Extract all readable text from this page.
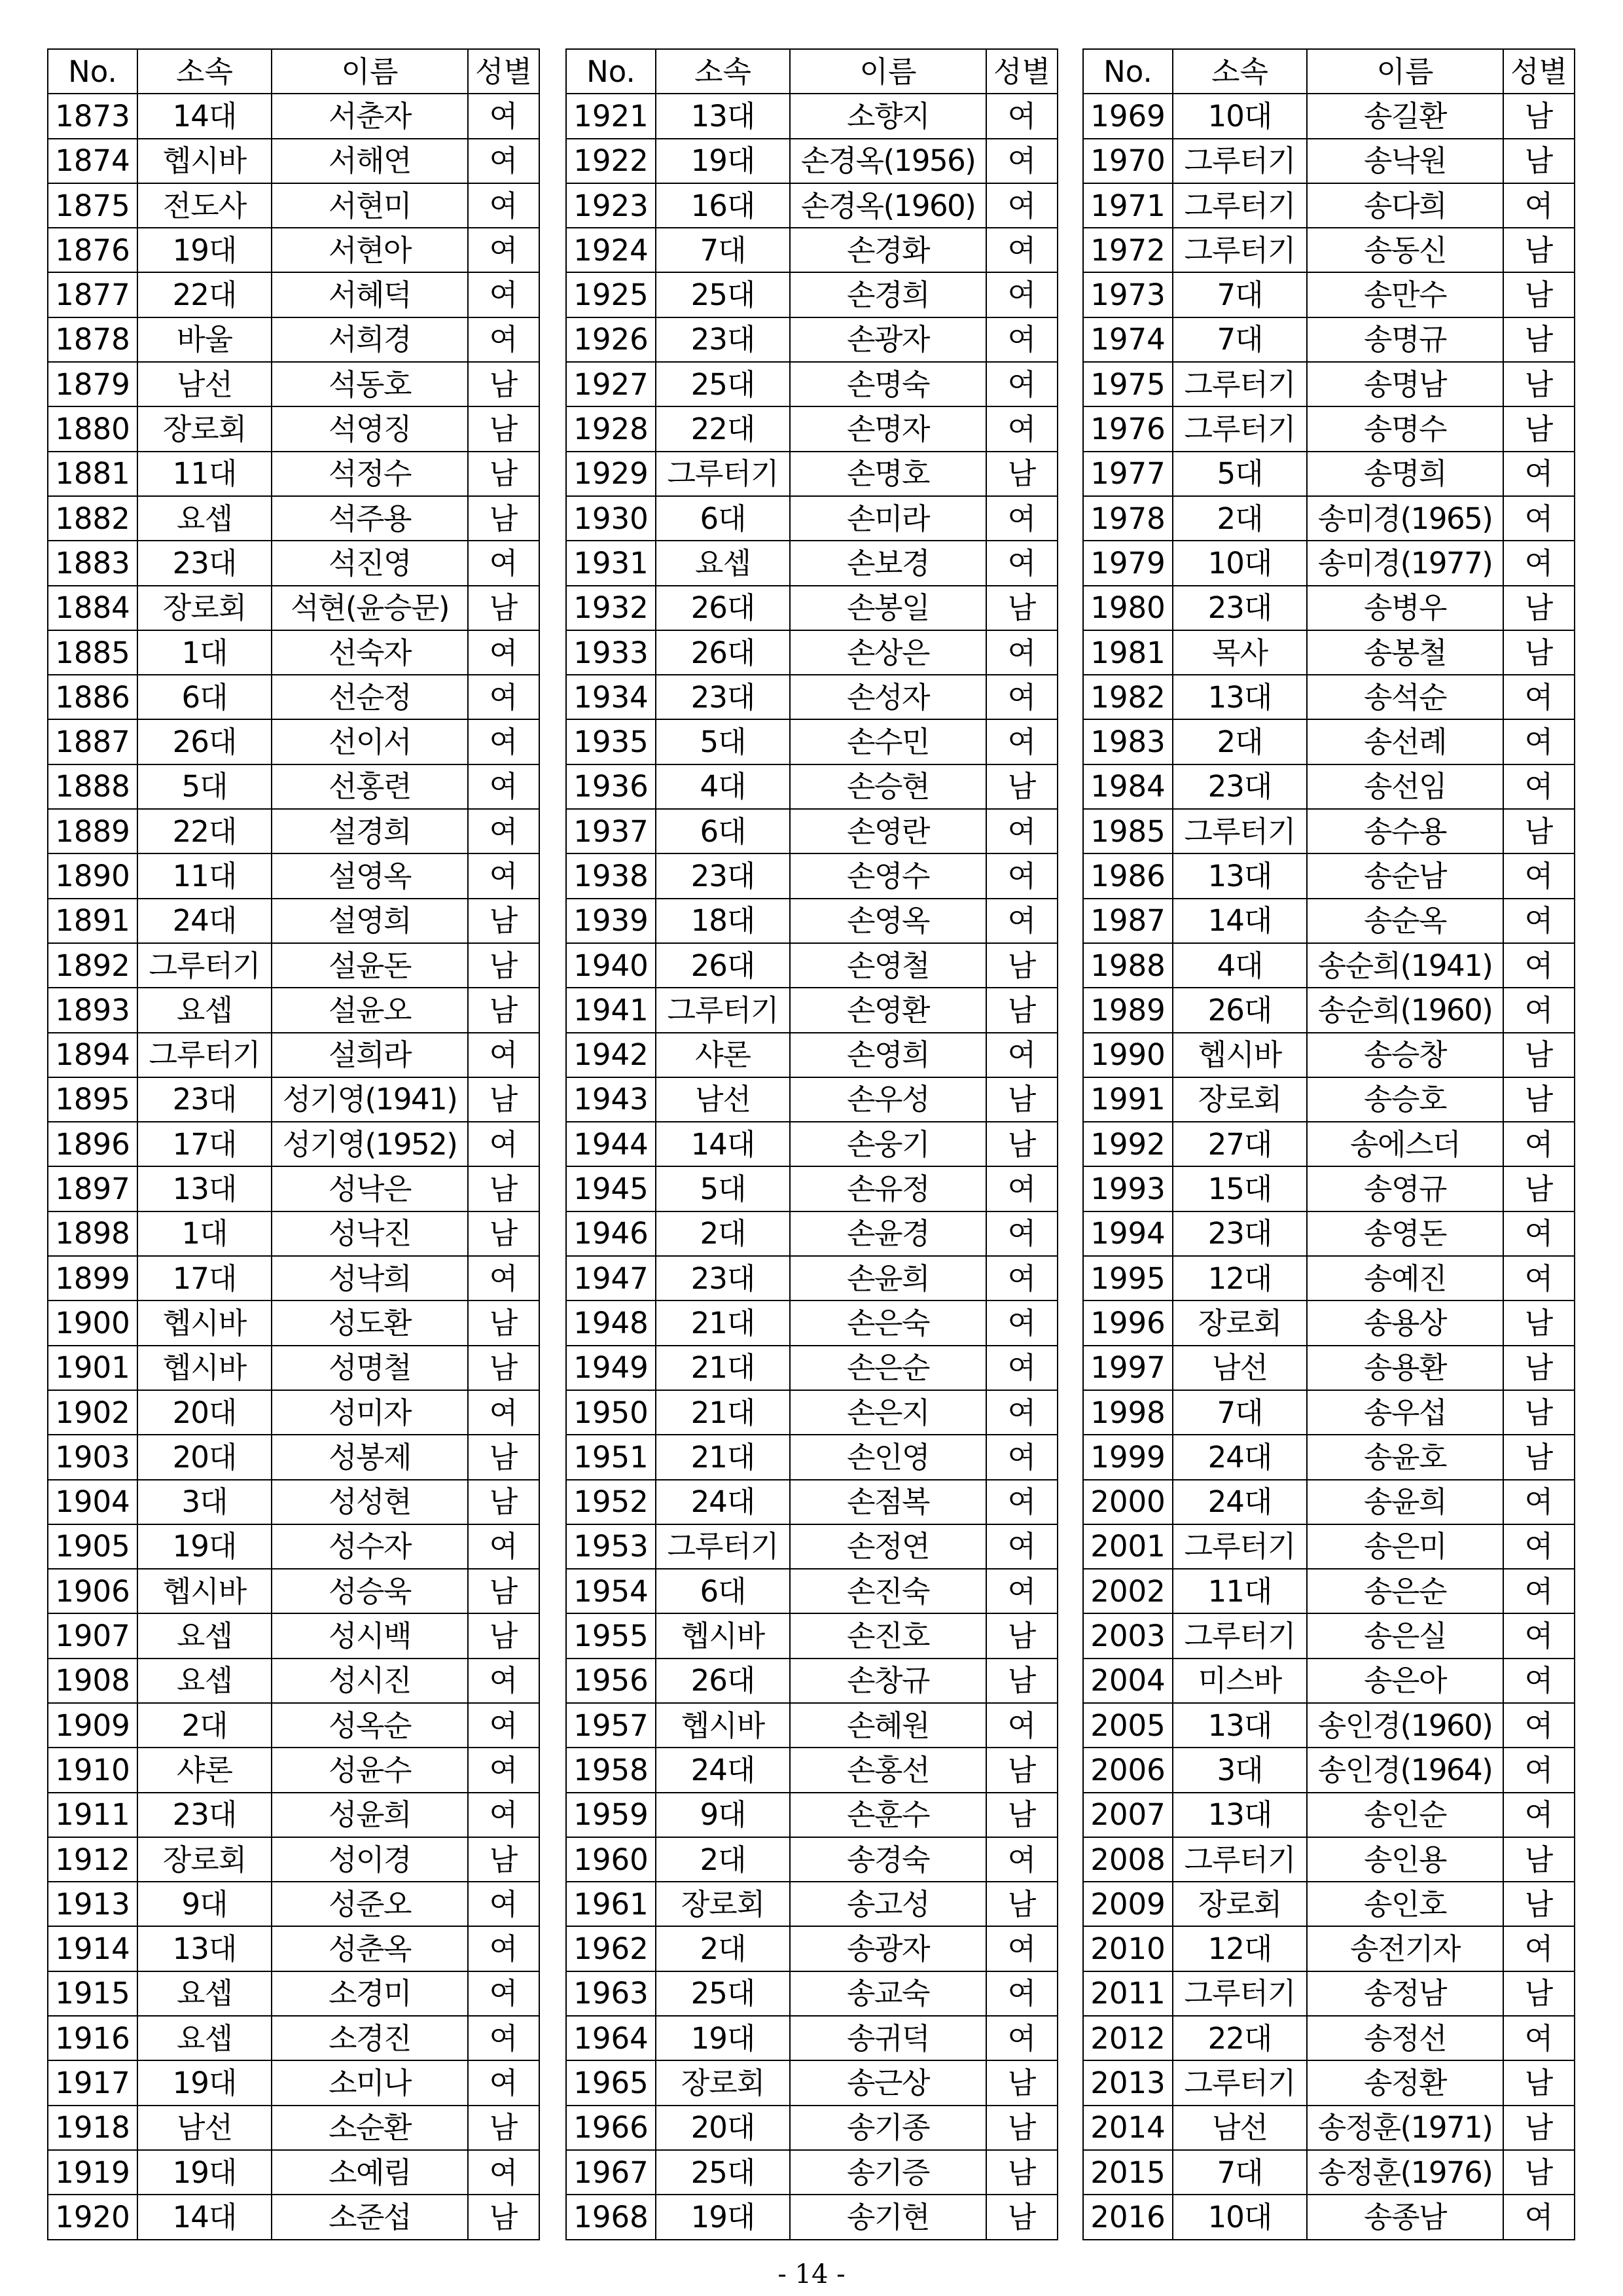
No.	소속	이름	성별
1873	14대	서춘자	여
1874	헵시바	서해연	여
1875	전도사	서현미	여
1876	19대	서현아	여
1877	22대	서혜덕	여
1878	바울	서희경	여
1879	남선	석동호	남
1880	장로회	석영징	남
1881	11대	석정수	남
1882	요셉	석주용	남
1883	23대	석진영	여
1884	장로회	석현(윤승문)	남
1885	1대	선숙자	여
1886	6대	선순정	여
1887	26대	선이서	여
1888	5대	선홍련	여
1889	22대	설경희	여
1890	11대	설영옥	여
1891	24대	설영희	남
1892	그루터기	설윤돈	남
1893	요셉	설윤오	남
1894	그루터기	설희라	여
1895	23대	성기영(1941)	남
1896	17대	성기영(1952)	여
1897	13대	성낙은	남
1898	1대	성낙진	남
1899	17대	성낙희	여
1900	헵시바	성도환	남
1901	헵시바	성명철	남
1902	20대	성미자	여
1903	20대	성봉제	남
1904	3대	성성현	남
1905	19대	성수자	여
1906	헵시바	성승욱	남
1907	요셉	성시백	남
1908	요셉	성시진	여
1909	2대	성옥순	여
1910	샤론	성윤수	여
1911	23대	성윤희	여
1912	장로회	성이경	남
1913	9대	성준오	여
1914	13대	성춘옥	여
1915	요셉	소경미	여
1916	요셉	소경진	여
1917	19대	소미나	여
1918	남선	소순환	남
1919	19대	소예림	여
1920	14대	소준섭	남
No.	소속	이름	성별
1921	13대	소향지	여
1922	19대	손경옥(1956)	여
1923	16대	손경옥(1960)	여
1924	7대	손경화	여
1925	25대	손경희	여
1926	23대	손광자	여
1927	25대	손명숙	여
1928	22대	손명자	여
1929	그루터기	손명호	남
1930	6대	손미라	여
1931	요셉	손보경	여
1932	26대	손봉일	남
1933	26대	손상은	여
1934	23대	손성자	여
1935	5대	손수민	여
1936	4대	손승현	남
1937	6대	손영란	여
1938	23대	손영수	여
1939	18대	손영옥	여
1940	26대	손영철	남
1941	그루터기	손영환	남
1942	샤론	손영희	여
1943	남선	손우성	남
1944	14대	손웅기	남
1945	5대	손유정	여
1946	2대	손윤경	여
1947	23대	손윤희	여
1948	21대	손은숙	여
1949	21대	손은순	여
1950	21대	손은지	여
1951	21대	손인영	여
1952	24대	손점복	여
1953	그루터기	손정연	여
1954	6대	손진숙	여
1955	헵시바	손진호	남
1956	26대	손창규	남
1957	헵시바	손혜원	여
1958	24대	손홍선	남
1959	9대	손훈수	남
1960	2대	송경숙	여
1961	장로회	송고성	남
1962	2대	송광자	여
1963	25대	송교숙	여
1964	19대	송귀덕	여
1965	장로회	송근상	남
1966	20대	송기종	남
1967	25대	송기증	남
1968	19대	송기현	남
No.	소속	이름	성별
1969	10대	송길환	남
1970	그루터기	송낙원	남
1971	그루터기	송다희	여
1972	그루터기	송동신	남
1973	7대	송만수	남
1974	7대	송명규	남
1975	그루터기	송명남	남
1976	그루터기	송명수	남
1977	5대	송명희	여
1978	2대	송미경(1965)	여
1979	10대	송미경(1977)	여
1980	23대	송병우	남
1981	목사	송봉철	남
1982	13대	송석순	여
1983	2대	송선례	여
1984	23대	송선임	여
1985	그루터기	송수용	남
1986	13대	송순남	여
1987	14대	송순옥	여
1988	4대	송순희(1941)	여
1989	26대	송순희(1960)	여
1990	헵시바	송승창	남
1991	장로회	송승호	남
1992	27대	송에스더	여
1993	15대	송영규	남
1994	23대	송영돈	여
1995	12대	송예진	여
1996	장로회	송용상	남
1997	남선	송용환	남
1998	7대	송우섭	남
1999	24대	송윤호	남
2000	24대	송윤희	여
2001	그루터기	송은미	여
2002	11대	송은순	여
2003	그루터기	송은실	여
2004	미스바	송은아	여
2005	13대	송인경(1960)	여
2006	3대	송인경(1964)	여
2007	13대	송인순	여
2008	그루터기	송인용	남
2009	장로회	송인호	남
2010	12대	송전기자	여
2011	그루터기	송정남	남
2012	22대	송정선	여
2013	그루터기	송정환	남
2014	남선	송정훈(1971)	남
2015	7대	송정훈(1976)	남
2016	10대	송종남	여
- 14 -
